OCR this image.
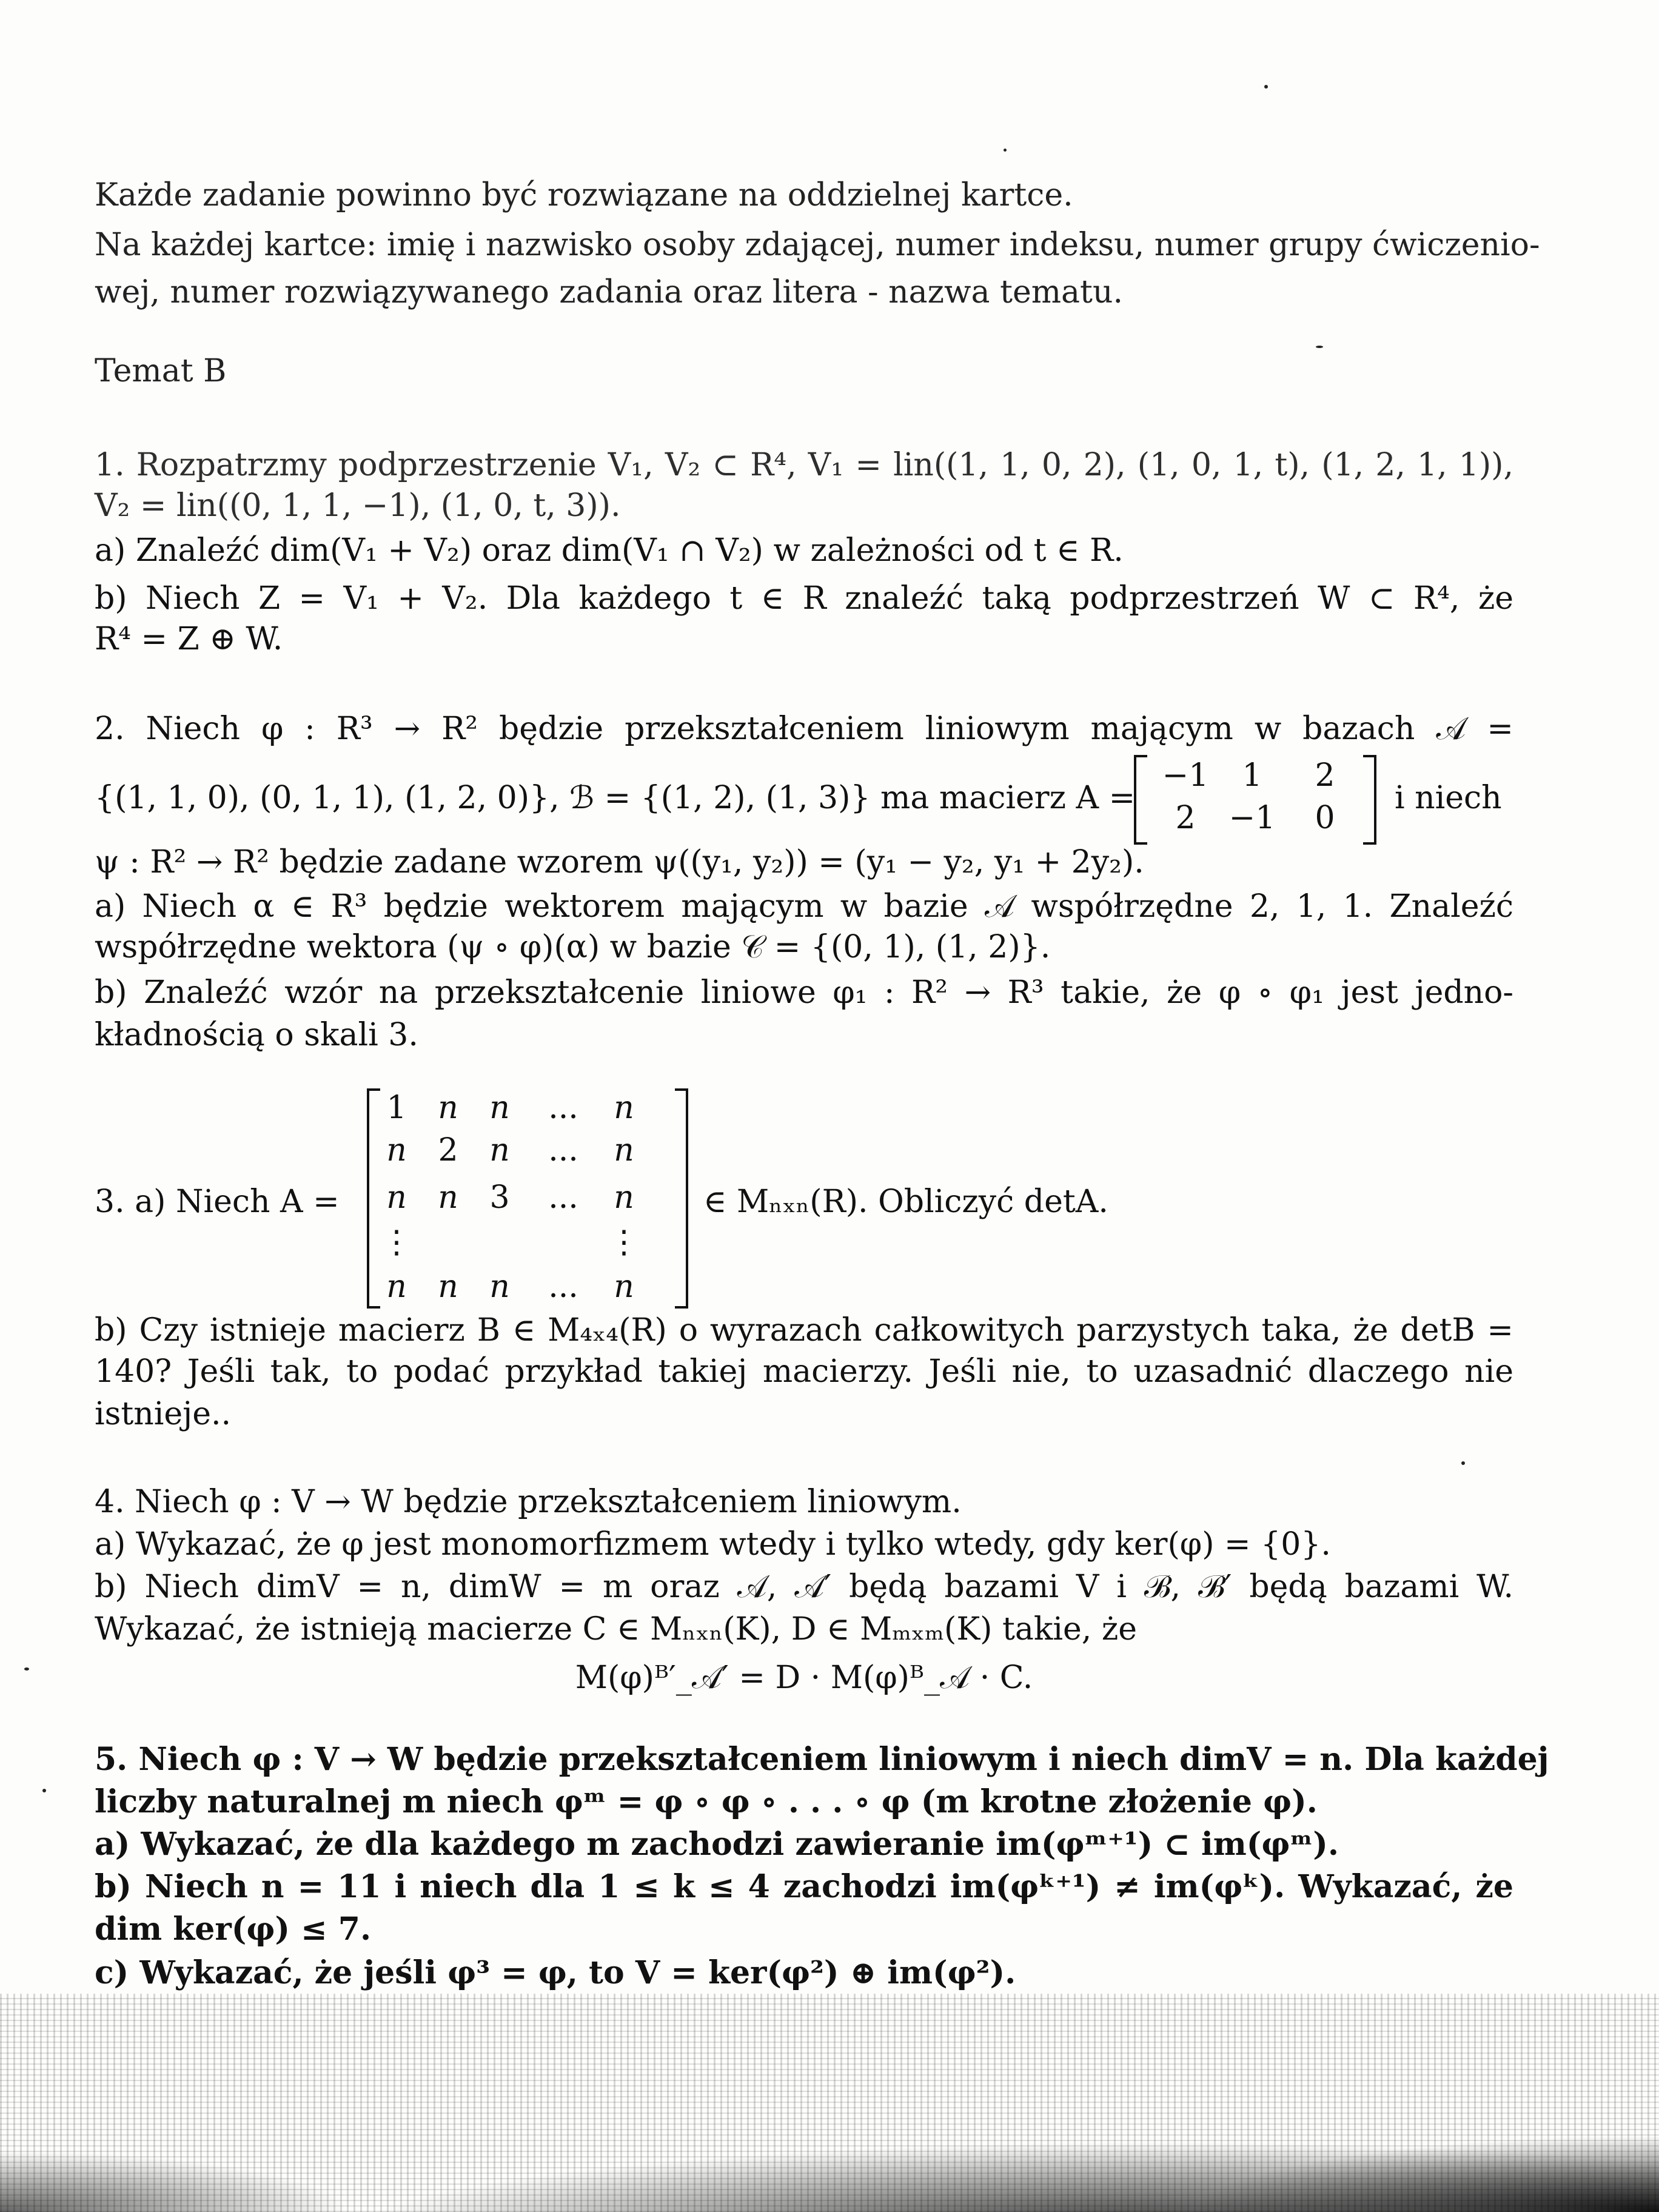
Każde zadanie powinno być rozwiązane na oddzielnej kartce.
Na każdej kartce: imię i nazwisko osoby zdającej, numer indeksu, numer grupy ćwiczenio-
wej, numer rozwiązywanego zadania oraz litera - nazwa tematu.
Temat B
1. Rozpatrzmy podprzestrzenie V₁, V₂ ⊂ R⁴, V₁ = lin((1, 1, 0, 2), (1, 0, 1, t), (1, 2, 1, 1)),
V₂ = lin((0, 1, 1, −1), (1, 0, t, 3)).
a) Znaleźć dim(V₁ + V₂) oraz dim(V₁ ∩ V₂) w zależności od t ∈ R.
b) Niech Z = V₁ + V₂. Dla każdego t ∈ R znaleźć taką podprzestrzeń W ⊂ R⁴, że
R⁴ = Z ⊕ W.
2. Niech φ : R³ → R² będzie przekształceniem liniowym mającym w bazach 𝒜 =
{(1, 1, 0), (0, 1, 1), (1, 2, 0)}, ℬ = {(1, 2), (1, 3)} ma macierz A =
−1	1	2
2	−1	0
i niech
ψ : R² → R² będzie zadane wzorem ψ((y₁, y₂)) = (y₁ − y₂, y₁ + 2y₂).
a) Niech α ∈ R³ będzie wektorem mającym w bazie 𝒜 współrzędne 2, 1, 1. Znaleźć
współrzędne wektora (ψ ∘ φ)(α) w bazie 𝒞 = {(0, 1), (1, 2)}.
b) Znaleźć wzór na przekształcenie liniowe φ₁ : R² → R³ takie, że φ ∘ φ₁ jest jedno-
kładnością o skali 3.
3. a) Niech A =
1 n n	...	n
n 2 n	...	n
n n 3	...	n
⋮	⋮
n n n	...	n
∈ Mₙₓₙ(R). Obliczyć detA.
b) Czy istnieje macierz B ∈ M₄ₓ₄(R) o wyrazach całkowitych parzystych taka, że detB =
140? Jeśli tak, to podać przykład takiej macierzy. Jeśli nie, to uzasadnić dlaczego nie
istnieje..
4. Niech φ : V → W będzie przekształceniem liniowym.
a) Wykazać, że φ jest monomorfizmem wtedy i tylko wtedy, gdy ker(φ) = {0}.
b) Niech dimV = n, dimW = m oraz 𝒜, 𝒜′ będą bazami V i ℬ, ℬ′ będą bazami W.
Wykazać, że istnieją macierze C ∈ Mₙₓₙ(K), D ∈ Mₘₓₘ(K) takie, że
M(φ)ᴮ′_𝒜′ = D · M(φ)ᴮ_𝒜 · C.
5. Niech φ : V → W będzie przekształceniem liniowym i niech dimV = n. Dla każdej
liczby naturalnej m niech φᵐ = φ ∘ φ ∘ . . . ∘ φ (m krotne złożenie φ).
a) Wykazać, że dla każdego m zachodzi zawieranie im(φᵐ⁺¹) ⊂ im(φᵐ).
b) Niech n = 11 i niech dla 1 ≤ k ≤ 4 zachodzi im(φᵏ⁺¹) ≠ im(φᵏ). Wykazać, że
dim ker(φ) ≤ 7.
c) Wykazać, że jeśli φ³ = φ, to V = ker(φ²) ⊕ im(φ²).
